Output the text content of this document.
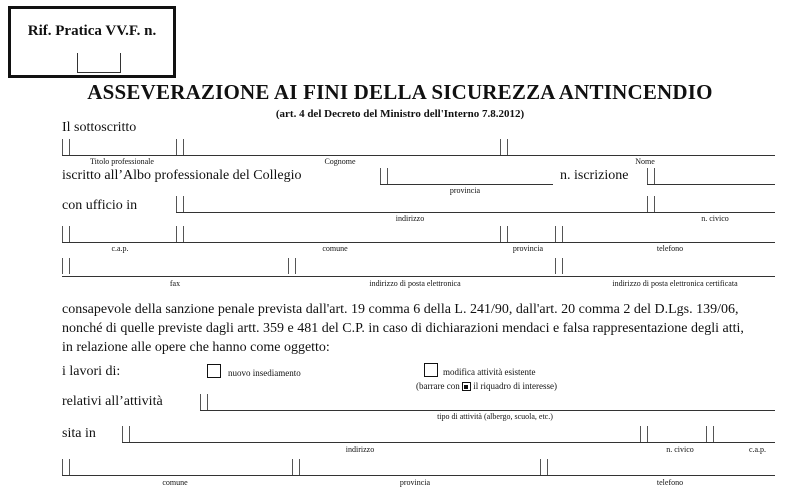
Rif. Pratica VV.F. n.
ASSEVERAZIONE AI FINI DELLA SICUREZZA ANTINCENDIO
(art. 4 del Decreto del Ministro dell'Interno 7.8.2012)
Il sottoscritto
Titolo professionale	Cognome	Nome
iscritto all’Albo professionale del Collegio	n. iscrizione
provincia
con ufficio in
indirizzo	n. civico
c.a.p.	comune	provincia	telefono
fax	indirizzo di posta elettronica	indirizzo di posta elettronica certificata
consapevole della sanzione penale prevista dall'art. 19 comma 6 della L. 241/90, dall'art. 20 comma 2 del D.Lgs. 139/06,
nonché di quelle previste dagli artt. 359 e 481 del C.P. in caso di dichiarazioni mendaci e falsa rappresentazione degli atti,
in relazione alle opere che hanno come oggetto:
i lavori di:	nuovo insediamento	modifica attività esistente
(barrare con il riquadro di interesse)
relativi all’attività
tipo di attività (albergo, scuola, etc.)
sita in
indirizzo	n. civico	c.a.p.
comune	provincia	telefono
